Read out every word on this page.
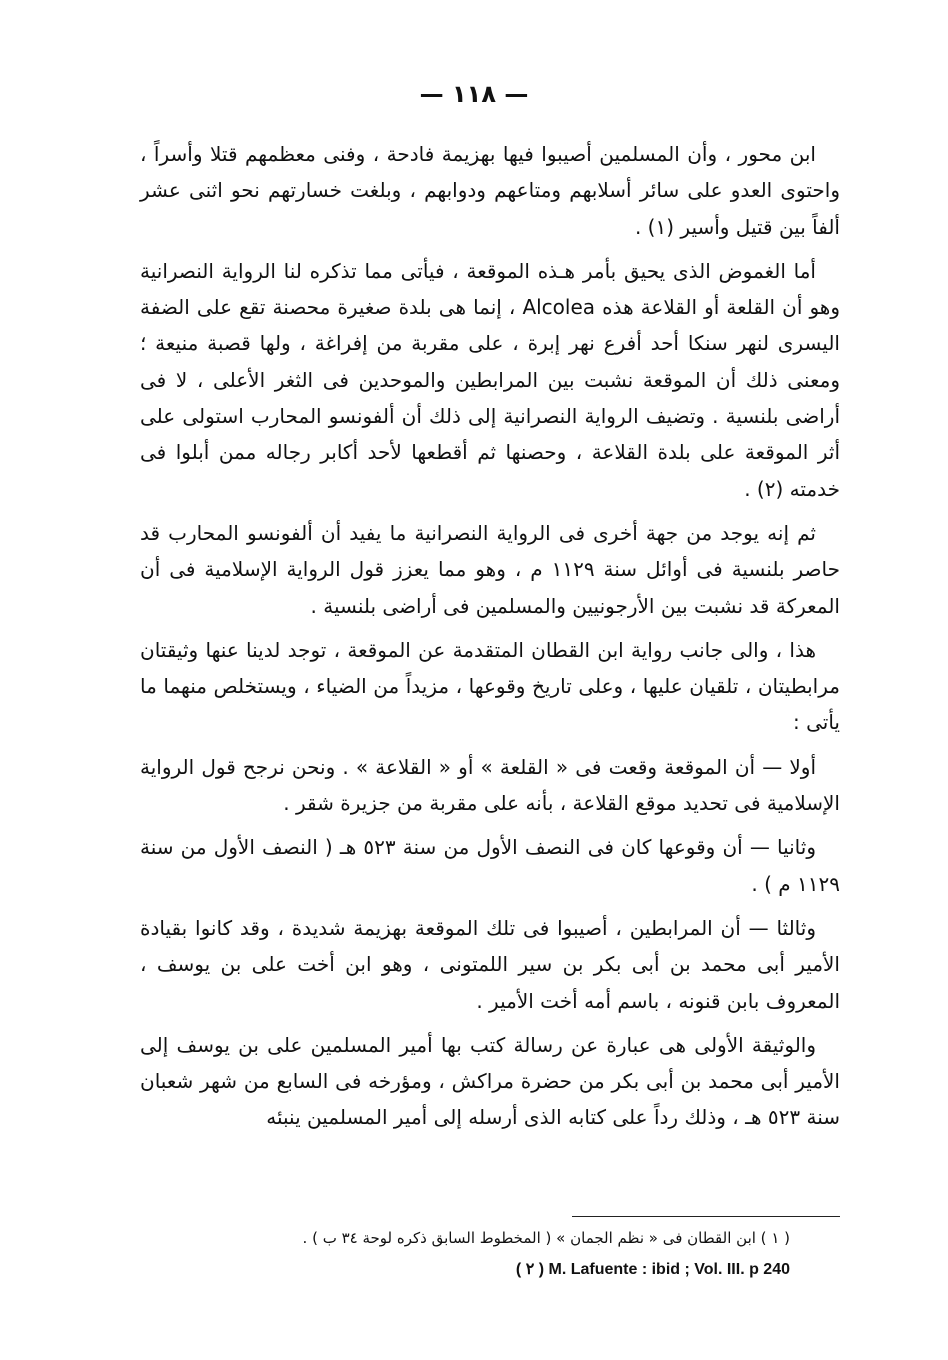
— ١١٨ —

ابن محور ، وأن المسلمين أصيبوا فيها بهزيمة فادحة ، وفنى معظمهم قتلا وأسراً ، واحتوى العدو على سائر أسلابهم ومتاعهم ودوابهم ، وبلغت خسارتهم نحو اثنى عشر ألفاً بين قتيل وأسير (١) .

أما الغموض الذى يحيق بأمر هـذه الموقعة ، فيأتى مما تذكره لنا الرواية النصرانية وهو أن القلعة أو القلاعة هذه Alcolea ، إنما هى بلدة صغيرة محصنة تقع على الضفة اليسرى لنهر سنكا أحد أفرع نهر إبرة ، على مقربة من إفراغة ، ولها قصبة منيعة ؛ ومعنى ذلك أن الموقعة نشبت بين المرابطين والموحدين فى الثغر الأعلى ، لا فى أراضى بلنسية . وتضيف الرواية النصرانية إلى ذلك أن ألفونسو المحارب استولى على أثر الموقعة على بلدة القلاعة ، وحصنها ثم أقطعها لأحد أكابر رجاله ممن أبلوا فى خدمته (٢) .

ثم إنه يوجد من جهة أخرى فى الرواية النصرانية ما يفيد أن ألفونسو المحارب قد حاصر بلنسية فى أوائل سنة ١١٢٩ م ، وهو مما يعزز قول الرواية الإسلامية فى أن المعركة قد نشبت بين الأرجونيين والمسلمين فى أراضى بلنسية .

هذا ، والى جانب رواية ابن القطان المتقدمة عن الموقعة ، توجد لدينا عنها وثيقتان مرابطيتان ، تلقيان عليها ، وعلى تاريخ وقوعها ، مزيداً من الضياء ، ويستخلص منهما ما يأتى :

أولا — أن الموقعة وقعت فى « القلعة » أو « القلاعة » . ونحن نرجح قول الرواية الإسلامية فى تحديد موقع القلاعة ، بأنه على مقربة من جزيرة شقر .

وثانيا — أن وقوعها كان فى النصف الأول من سنة ٥٢٣ هـ ( النصف الأول من سنة ١١٢٩ م ) .

وثالثا — أن المرابطين ، أصيبوا فى تلك الموقعة بهزيمة شديدة ، وقد كانوا بقيادة الأمير أبى محمد بن أبى بكر بن سير اللمتونى ، وهو ابن أخت على بن يوسف ، المعروف بابن قنونه ، باسم أمه أخت الأمير .

والوثيقة الأولى هى عبارة عن رسالة كتب بها أمير المسلمين على بن يوسف إلى الأمير أبى محمد بن أبى بكر من حضرة مراكش ، ومؤرخه فى السابع من شهر شعبان سنة ٥٢٣ هـ ، وذلك رداً على كتابه الذى أرسله إلى أمير المسلمين ينبئه

( ١ ) ابن القطان فى « نظم الجمان » ( المخطوط السابق ذكره لوحة ٣٤ ب ) .

M. Lafuente : ibid ; Vol. III. p 240 ( ٢ )
